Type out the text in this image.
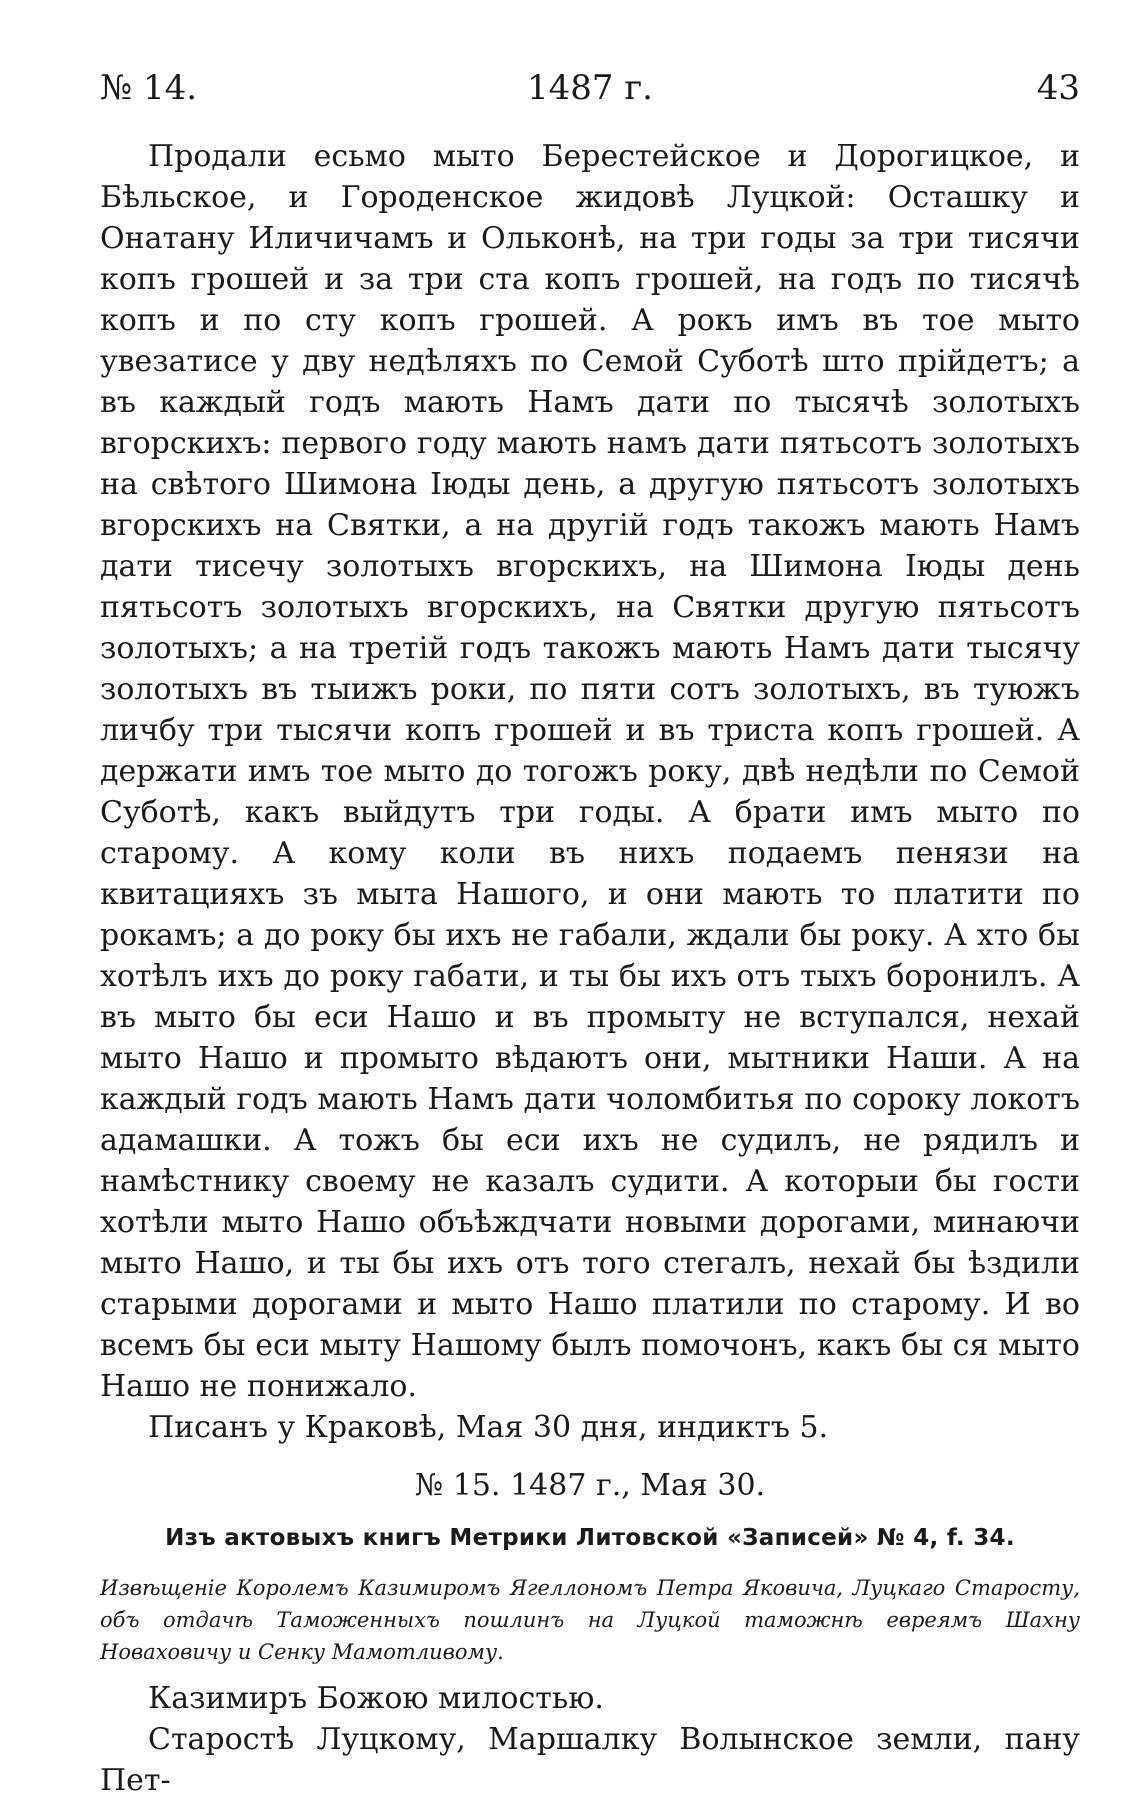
№ 14.	1487 г.	43

Продали есьмо мыто Берестейское и Дорогицкое, и Бѣльское, и Городенское жидовѣ Луцкой: Осташку и Онатану Иличичамъ и Ольконѣ, на три годы за три тисячи копъ грошей и за три ста копъ грошей, на годъ по тисячѣ копъ и по сту копъ грошей. А рокъ имъ въ тое мыто увезатисе у дву недѣляхъ по Семой Суботѣ што прійдетъ; а въ каждый годъ мають Намъ дати по тысячѣ золотыхъ вгорскихъ: первого году мають намъ дати пятьсотъ золотыхъ на свѣтого Шимона Іюды день, а другую пятьсотъ золотыхъ вгорскихъ на Святки, а на другій годъ такожъ мають Намъ дати тисечу золотыхъ вгорскихъ, на Шимона Іюды день пятьсотъ золотыхъ вгорскихъ, на Святки другую пятьсотъ золотыхъ; а на третій годъ такожъ мають Намъ дати тысячу золотыхъ въ тыижъ роки, по пяти сотъ золотыхъ, въ туюжъ личбу три тысячи копъ грошей и въ триста копъ грошей. А держати имъ тое мыто до тогожъ року, двѣ недѣли по Семой Суботѣ, какъ выйдутъ три годы. А брати имъ мыто по старому. А кому коли въ нихъ подаемъ пенязи на квитацияхъ зъ мыта Нашого, и они мають то платити по рокамъ; а до року бы ихъ не габали, ждали бы року. А хто бы хотѣлъ ихъ до року габати, и ты бы ихъ отъ тыхъ боронилъ. А въ мыто бы еси Нашо и въ промыту не вступался, нехай мыто Нашо и промыто вѣдаютъ они, мытники Наши. А на каждый годъ мають Намъ дати чоломбитья по сороку локотъ адамашки. А тожъ бы еси ихъ не судилъ, не рядилъ и намѣстнику своему не казалъ судити. А которыи бы гости хотѣли мыто Нашо объѣждчати новыми дорогами, минаючи мыто Нашо, и ты бы ихъ отъ того стегалъ, нехай бы ѣздили старыми дорогами и мыто Нашо платили по старому. И во всемъ бы еси мыту Нашому былъ помочонъ, какъ бы ся мыто Нашо не понижало.

Писанъ у Краковѣ, Мая 30 дня, индиктъ 5.
№ 15. 1487 г., Мая 30.
Изъ актовыхъ книгъ Метрики Литовской «Записей» № 4, f. 34.
Извѣщеніе Королемъ Казимиромъ Ягеллономъ Петра Яковича, Луцкаго Старосту, объ отдачѣ Таможенныхъ пошлинъ на Луцкой таможнѣ евреямъ Шахну Новаховичу и Сенку Мамотливому.
Казимиръ Божою милостью.
Старостѣ Луцкому, Маршалку Волынское земли, пану Пет-
